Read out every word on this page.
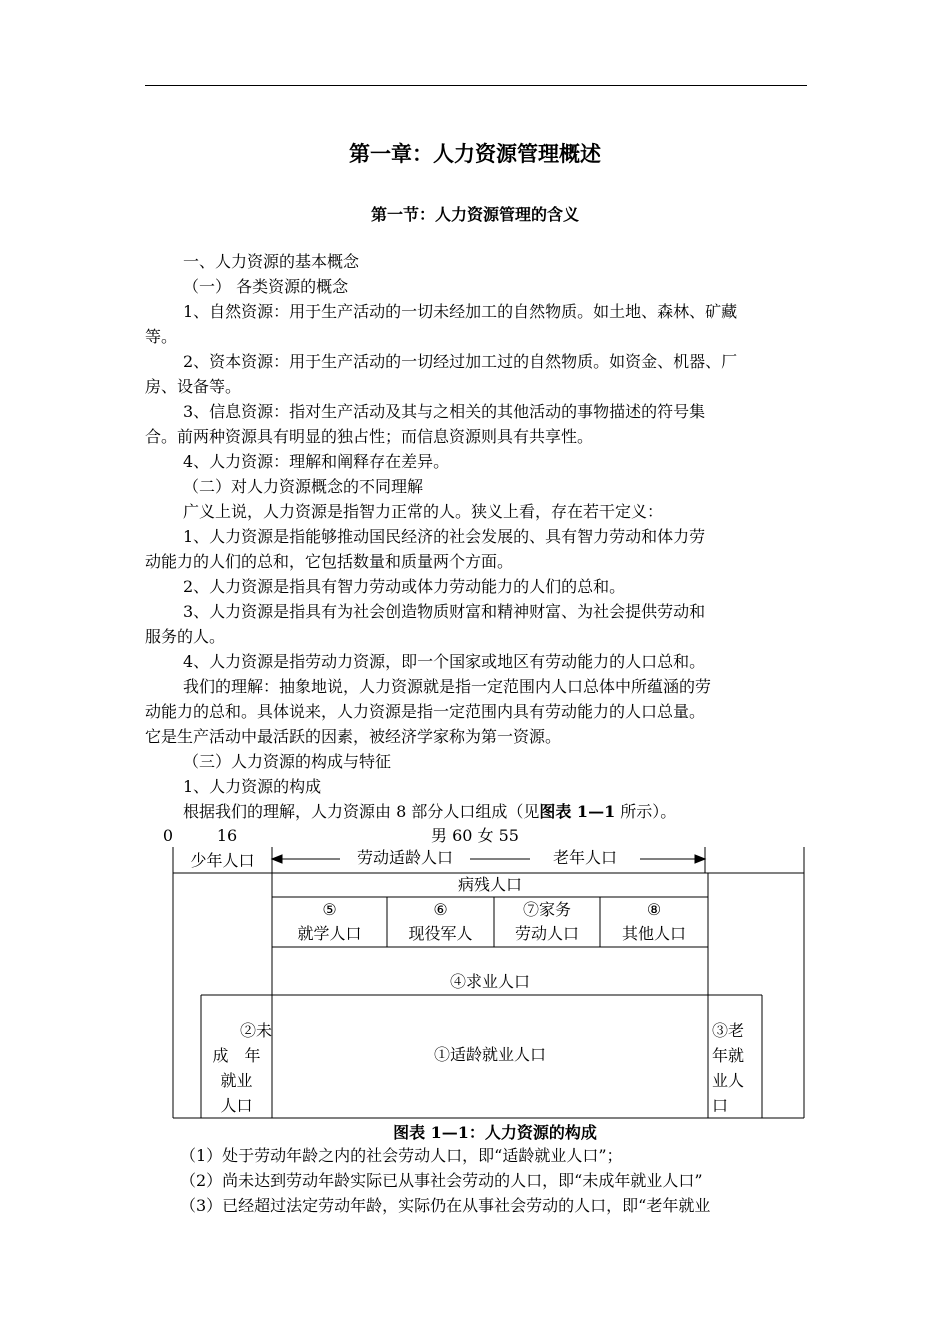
第一章：人力资源管理概述
第一节：人力资源管理的含义
一、人力资源的基本概念
（一） 各类资源的概念
1、自然资源：用于生产活动的一切未经加工的自然物质。如土地、森林、矿藏
等。
2、资本资源：用于生产活动的一切经过加工过的自然物质。如资金、机器、厂
房、设备等。
3、信息资源：指对生产活动及其与之相关的其他活动的事物描述的符号集
合。前两种资源具有明显的独占性；而信息资源则具有共享性。
4、人力资源：理解和阐释存在差异。
（二）对人力资源概念的不同理解
广义上说，人力资源是指智力正常的人。狭义上看，存在若干定义：
1、人力资源是指能够推动国民经济的社会发展的、具有智力劳动和体力劳
动能力的人们的总和，它包括数量和质量两个方面。
2、人力资源是指具有智力劳动或体力劳动能力的人们的总和。
3、人力资源是指具有为社会创造物质财富和精神财富、为社会提供劳动和
服务的人。
4、人力资源是指劳动力资源，即一个国家或地区有劳动能力的人口总和。
我们的理解：抽象地说，人力资源就是指一定范围内人口总体中所蕴涵的劳
动能力的总和。具体说来，人力资源是指一定范围内具有劳动能力的人口总量。
它是生产活动中最活跃的因素，被经济学家称为第一资源。
（三）人力资源的构成与特征
1、人力资源的构成
根据我们的理解，人力资源由 8 部分人口组成（见图表 1—1 所示）。
0	16	男 60 女 55
少年人口	劳动适龄人口	老年人口
病残人口
⑤
就学人口
⑥
现役军人
⑦家务
劳动人口
⑧
其他人口
④求业人口
②未
成　年
就业
人口
①适龄就业人口
③老
年就
业人
口
图表 1—1：人力资源的构成
（1）处于劳动年龄之内的社会劳动人口，即“适龄就业人口”；
（2）尚未达到劳动年龄实际已从事社会劳动的人口，即“未成年就业人口”
（3）已经超过法定劳动年龄，实际仍在从事社会劳动的人口，即“老年就业
